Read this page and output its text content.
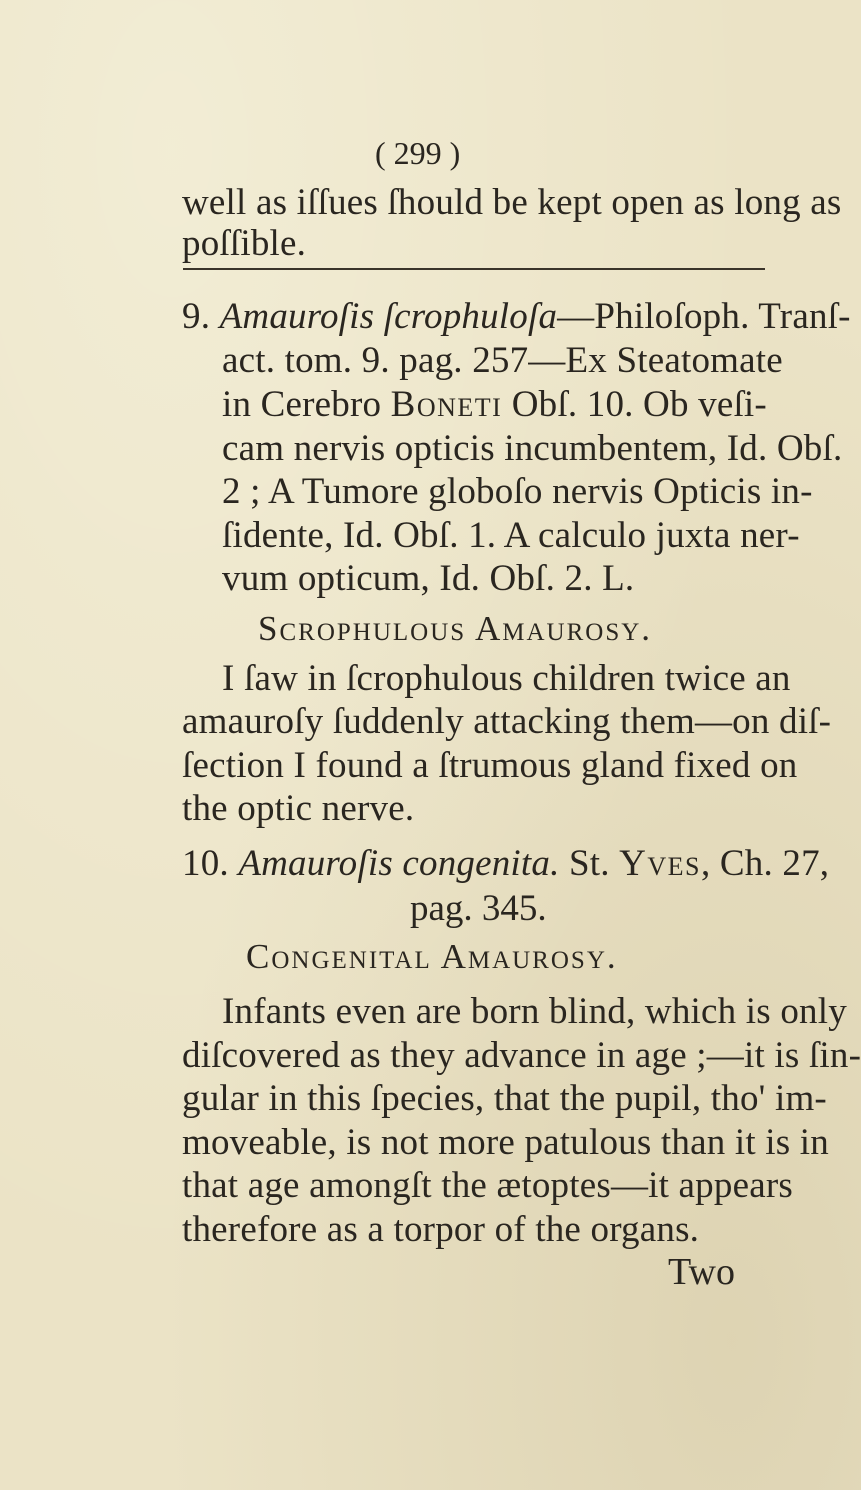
( 299 )
well as iſſues ſhould be kept open as long as
poſſible.
9. Amauroſis ſcrophuloſa—Philoſoph. Tranſ-
act. tom. 9. pag. 257—Ex Steatomate
in Cerebro Boneti Obſ. 10. Ob veſi-
cam nervis opticis incumbentem, Id. Obſ.
2 ; A Tumore globoſo nervis Opticis in-
ſidente, Id. Obſ. 1. A calculo juxta ner-
vum opticum, Id. Obſ. 2. L.
Scrophulous Amaurosy.
I ſaw in ſcrophulous children twice an
amauroſy ſuddenly attacking them—on diſ-
ſection I found a ſtrumous gland fixed on
the optic nerve.
10. Amauroſis congenita. St. Yves, Ch. 27,
pag. 345.
Congenital Amaurosy.
Infants even are born blind, which is only
diſcovered as they advance in age ;—it is ſin-
gular in this ſpecies, that the pupil, tho' im-
moveable, is not more patulous than it is in
that age amongſt the ætoptes—it appears
therefore as a torpor of the organs.
Two
